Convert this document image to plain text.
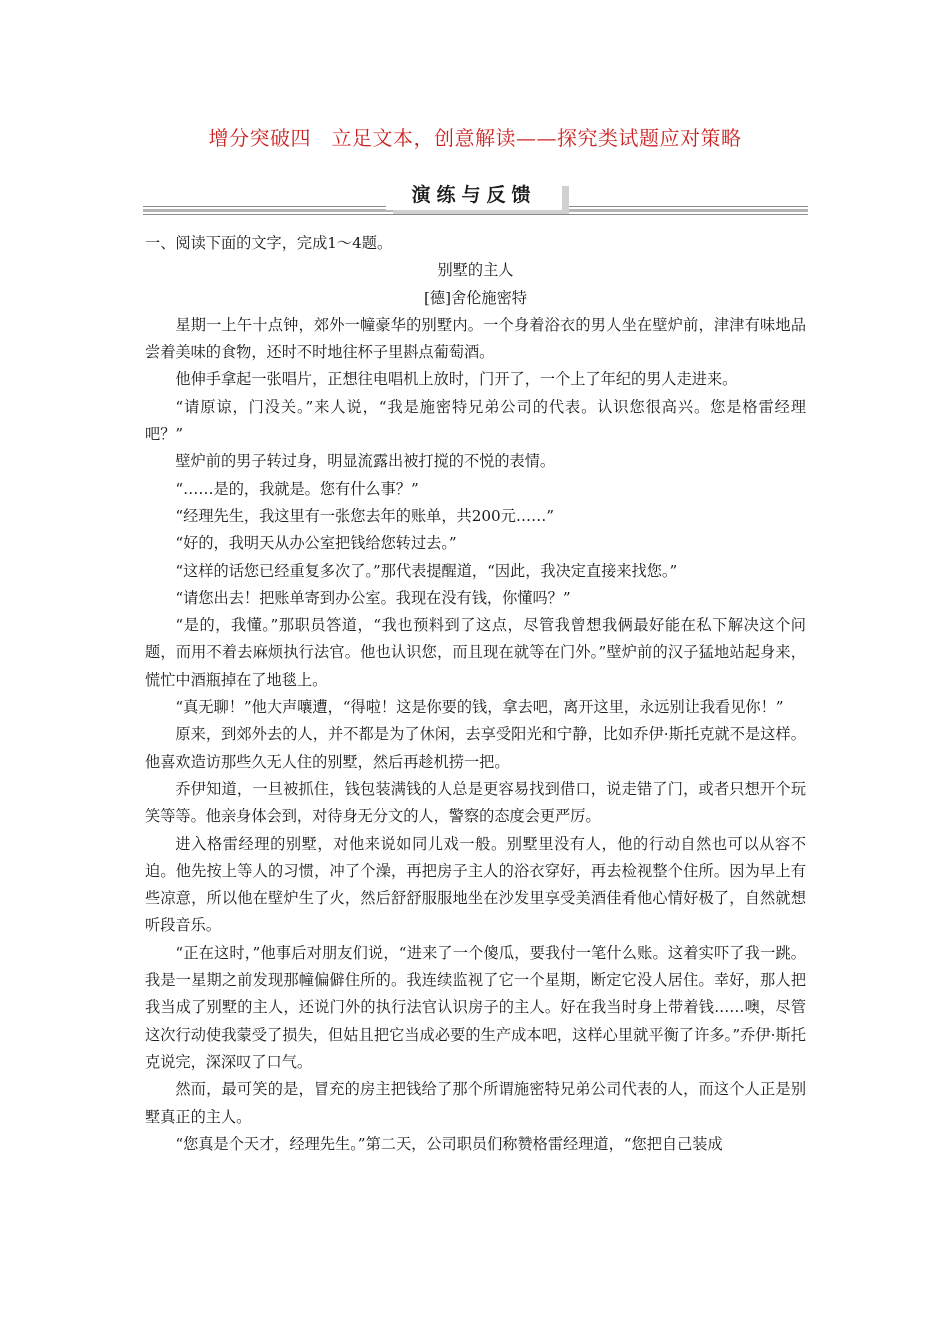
增分突破四　立足文本，创意解读——探究类试题应对策略
演练与反馈

一、阅读下面的文字，完成1～4题。

别墅的主人

[德]舍伦施密特

星期一上午十点钟，郊外一幢豪华的别墅内。一个身着浴衣的男人坐在壁炉前，津津有味地品尝着美味的食物，还时不时地往杯子里斟点葡萄酒。

他伸手拿起一张唱片，正想往电唱机上放时，门开了，一个上了年纪的男人走进来。

“请原谅，门没关。”来人说，“我是施密特兄弟公司的代表。认识您很高兴。您是格雷经理吧？”

壁炉前的男子转过身，明显流露出被打搅的不悦的表情。

“……是的，我就是。您有什么事？”

“经理先生，我这里有一张您去年的账单，共200元……”

“好的，我明天从办公室把钱给您转过去。”

“这样的话您已经重复多次了。”那代表提醒道，“因此，我决定直接来找您。”

“请您出去！把账单寄到办公室。我现在没有钱，你懂吗？”

“是的，我懂。”那职员答道，“我也预料到了这点，尽管我曾想我俩最好能在私下解决这个问题，而用不着去麻烦执行法官。他也认识您，而且现在就等在门外。”壁炉前的汉子猛地站起身来，慌忙中酒瓶掉在了地毯上。

“真无聊！”他大声嚷遭，“得啦！这是你要的钱，拿去吧，离开这里，永远别让我看见你！”

原来，到郊外去的人，并不都是为了休闲，去享受阳光和宁静，比如乔伊·斯托克就不是这样。他喜欢造访那些久无人住的别墅，然后再趁机捞一把。

乔伊知道，一旦被抓住，钱包装满钱的人总是更容易找到借口，说走错了门，或者只想开个玩笑等等。他亲身体会到，对待身无分文的人，警察的态度会更严厉。

进入格雷经理的别墅，对他来说如同儿戏一般。别墅里没有人，他的行动自然也可以从容不迫。他先按上等人的习惯，冲了个澡，再把房子主人的浴衣穿好，再去检视整个住所。因为早上有些凉意，所以他在壁炉生了火，然后舒舒服服地坐在沙发里享受美酒佳肴他心情好极了，自然就想听段音乐。

“正在这时，”他事后对朋友们说，“进来了一个傻瓜，要我付一笔什么账。这着实吓了我一跳。我是一星期之前发现那幢偏僻住所的。我连续监视了它一个星期，断定它没人居住。幸好，那人把我当成了别墅的主人，还说门外的执行法官认识房子的主人。好在我当时身上带着钱……噢，尽管这次行动使我蒙受了损失，但姑且把它当成必要的生产成本吧，这样心里就平衡了许多。”乔伊·斯托克说完，深深叹了口气。

然而，最可笑的是，冒充的房主把钱给了那个所谓施密特兄弟公司代表的人，而这个人正是别墅真正的主人。

“您真是个天才，经理先生。”第二天，公司职员们称赞格雷经理道，“您把自己装成
